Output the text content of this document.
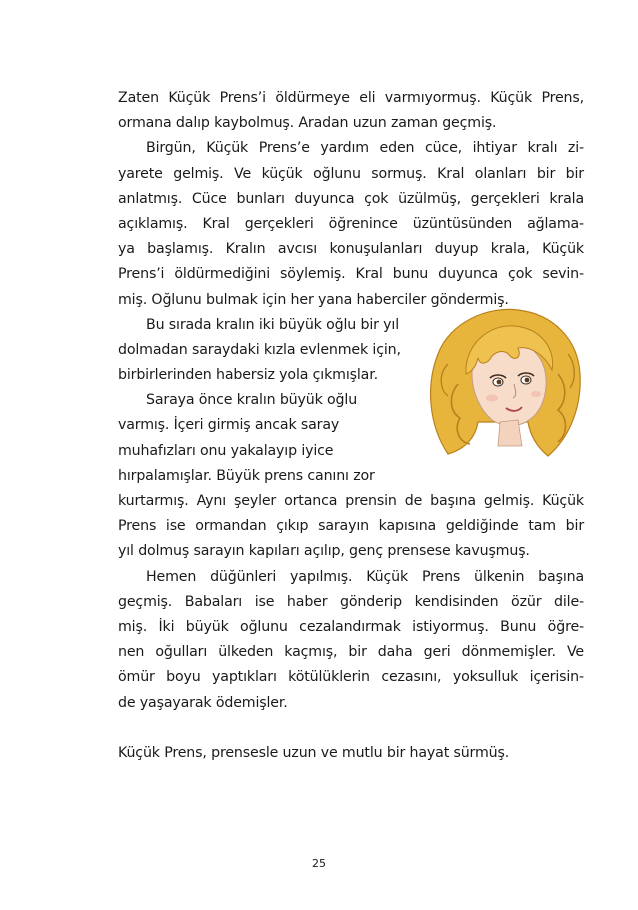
Zaten Küçük Prens’i öldürmeye eli varmıyormuş. Küçük Prens,
ormana dalıp kaybolmuş. Aradan uzun zaman geçmiş.
Birgün, Küçük Prens’e yardım eden cüce, ihtiyar kralı zi-
yarete gelmiş. Ve küçük oğlunu sormuş. Kral olanları bir bir
anlatmış. Cüce bunları duyunca çok üzülmüş, gerçekleri krala
açıklamış. Kral gerçekleri öğrenince üzüntüsünden ağlama-
ya başlamış. Kralın avcısı konuşulanları duyup krala, Küçük
Prens’i öldürmediğini söylemiş. Kral bunu duyunca çok sevin-
miş. Oğlunu bulmak için her yana haberciler göndermiş.
Bu sırada kralın iki büyük oğlu bir yıl
dolmadan saraydaki kızla evlenmek için,
birbirlerinden habersiz yola çıkmışlar.
Saraya önce kralın büyük oğlu
varmış. İçeri girmiş ancak saray
muhafızları onu yakalayıp iyice
hırpalamışlar. Büyük prens canını zor
kurtarmış. Aynı şeyler ortanca prensin de başına gelmiş. Küçük
Prens ise ormandan çıkıp sarayın kapısına geldiğinde tam bir
yıl dolmuş sarayın kapıları açılıp, genç prensese kavuşmuş.
Hemen düğünleri yapılmış. Küçük Prens ülkenin başına
geçmiş. Babaları ise haber gönderip kendisinden özür dile-
miş. İki büyük oğlunu cezalandırmak istiyormuş. Bunu öğre-
nen oğulları ülkeden kaçmış, bir daha geri dönmemişler. Ve
ömür boyu yaptıkları kötülüklerin cezasını, yoksulluk içerisin-
de yaşayarak ödemişler.
Küçük Prens, prensesle uzun ve mutlu bir hayat sürmüş.
25
